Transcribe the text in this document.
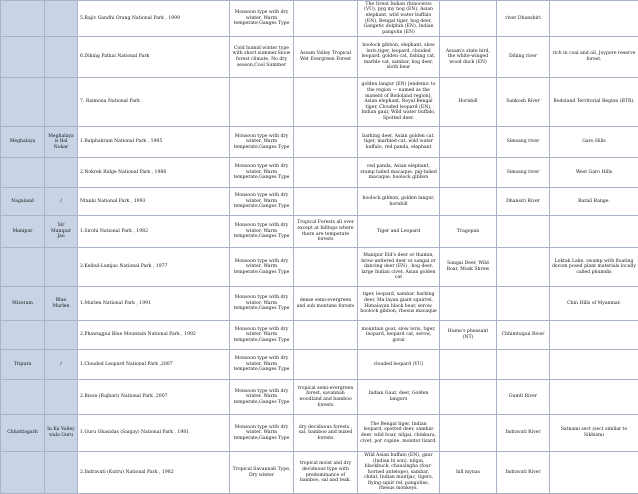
		5.Rajiv Gandhi Orang National Park , 1999	Monsoon type with dry winter. Warm temperate,Ganges Type		The Great Indian rhinoceros (VU), pyg my hog (EN), Asian elephant, wild water buffalo (EN), Bengal tiger, hog deer, Gangetic dolphin (EN), Indian pangolin (EN)		river Dhanshiri	
		6.Dihing Patkai National Park	Cold humid winter type with short summer.Snow forest climate, No dry season,Cool Summer	Assam Valley Tropical Wet Evergreen Forest	hoolock gibbon, elephant, slow loris,tiger, leopard, clouded leopard, golden cat, fishing cat, marble cat, sambar, hog deer, sloth bear	Assam's state bird, the white-winged wood duck (EN)	Dihing river	rich in coal and oil, Joypore reserve forest.
		7. Raimona National Park			golden langur (EN) [endemic to the region — named as the manent of Bodoland region], Asian elephant, Royal Bengal tiger, Clouded leopard (EN), Indian gaur, Wild water buffalo, Spotted deer.	Hornbill	Sankosh River	Bodoland Territorial Region (BTR).
Meghalaya	Meghalaya is Bal Nokar	1.Balphakram National Park , 1985	Monsoon type with dry winter. Warm temperate,Ganges Type		barking deer, Asian golden cat, tiger, marbled cat, wild water buffalo, red panda, elephant		Simsang river	Garo Hills
		2.Nokrek Ridge National Park , 1986	Monsoon type with dry winter. Warm temperate,Ganges Type		red panda, Asian elephant, stump tailed macaque, pig-tailed macaque, hoolock gibbon		Simsang river	West Garo Hills
Nagaland	/	Ntanki National Park , 1993	Monsoon type with dry winter. Warm temperate,Ganges Type		hoolock gibbon, golden langur, hornbill		Dhansiri River	Barail Range.
Manipur	Sir Manipur Jao	1.Sirohi National Park , 1982	Monsoon type with dry winter. Warm temperate,Ganges Type	Tropical Forests all over except at hilltops where there are temperate forests	Tiger and Leopard	Tragopan		
		2.Keibul-Lamjao National Park , 1977	Monsoon type with dry winter. Warm temperate,Ganges Type		Manipur Eld's deer or thamin, brow-antlered deer or sangai or dancing deer (EN) , hog deer, large Indian civet, Asian golden cat	Sangai Deer, Wild Boar, Musk Shrew		Loktak Lake, swamp with floating decom posed plant materials locally called phumdis
Mizoram	Blue Murlen	1.Murlen National Park , 1991	Monsoon type with dry winter. Warm temperate,Ganges Type	dense semi-evergreen and sub montane forests	tiger, leopard, sambar, barking deer, Ma layan giant squirrel, Himalayan black bear, serow, hoolock gibbon, rhesus macaque			Chin Hills of Myanmar.
		2.Phawngpui Blue Mountain National Park , 1992	Monsoon type with dry winter. Warm temperate,Ganges Type		mountain goat, slow loris, tiger, leopard, leopard cat, serow, goral	Hume's pheasant (NT)	Chhimtuipui River	
Tripura	/	1.Clouded Leopard National Park ,2007	Monsoon type with dry winter. Warm temperate,Ganges Type		clouded leopard (VU)			
		2.Bison (Rajbari) National Park ,2007	Monsoon type with dry winter. Warm temperate,Ganges Type	tropical semi-evergreen forest, savannah woodland and bamboo forests	Indian Gaur, deer, Golden langurs		Gumti River	
Chhattisgarh	In.Ka Valley wala Guru	1.Guru Ghasidas (Sanjay) National Park , 1981	Monsoon type with dry winter. Warm temperate,Ganges Type	dry deciduous forests , sal, bamboo and mixed forests	The Bengal tiger, Indian leopard, spotted deer, sambar deer, wild boar, nilgai, chinkara, civet, por cupine, monitor lizard.		Indravati River	Satnami sect (sect similar to Sikhism)
		2.Indravati (Kutru) National Park , 1982	Tropical Savannah Type, Dry winter	tropical moist and dry deciduous type with predominance of bamboo, sal and teak.	Wild Asian buffalo (EN), gaur (Indian bi son), nilgai, blackbuck, chausingha (four-horned antelope), sambar, chital, Indian muntjac, tigers, flying squir rel, pangolins, rhesus monkeys.	hill mynas	Indravati River	
